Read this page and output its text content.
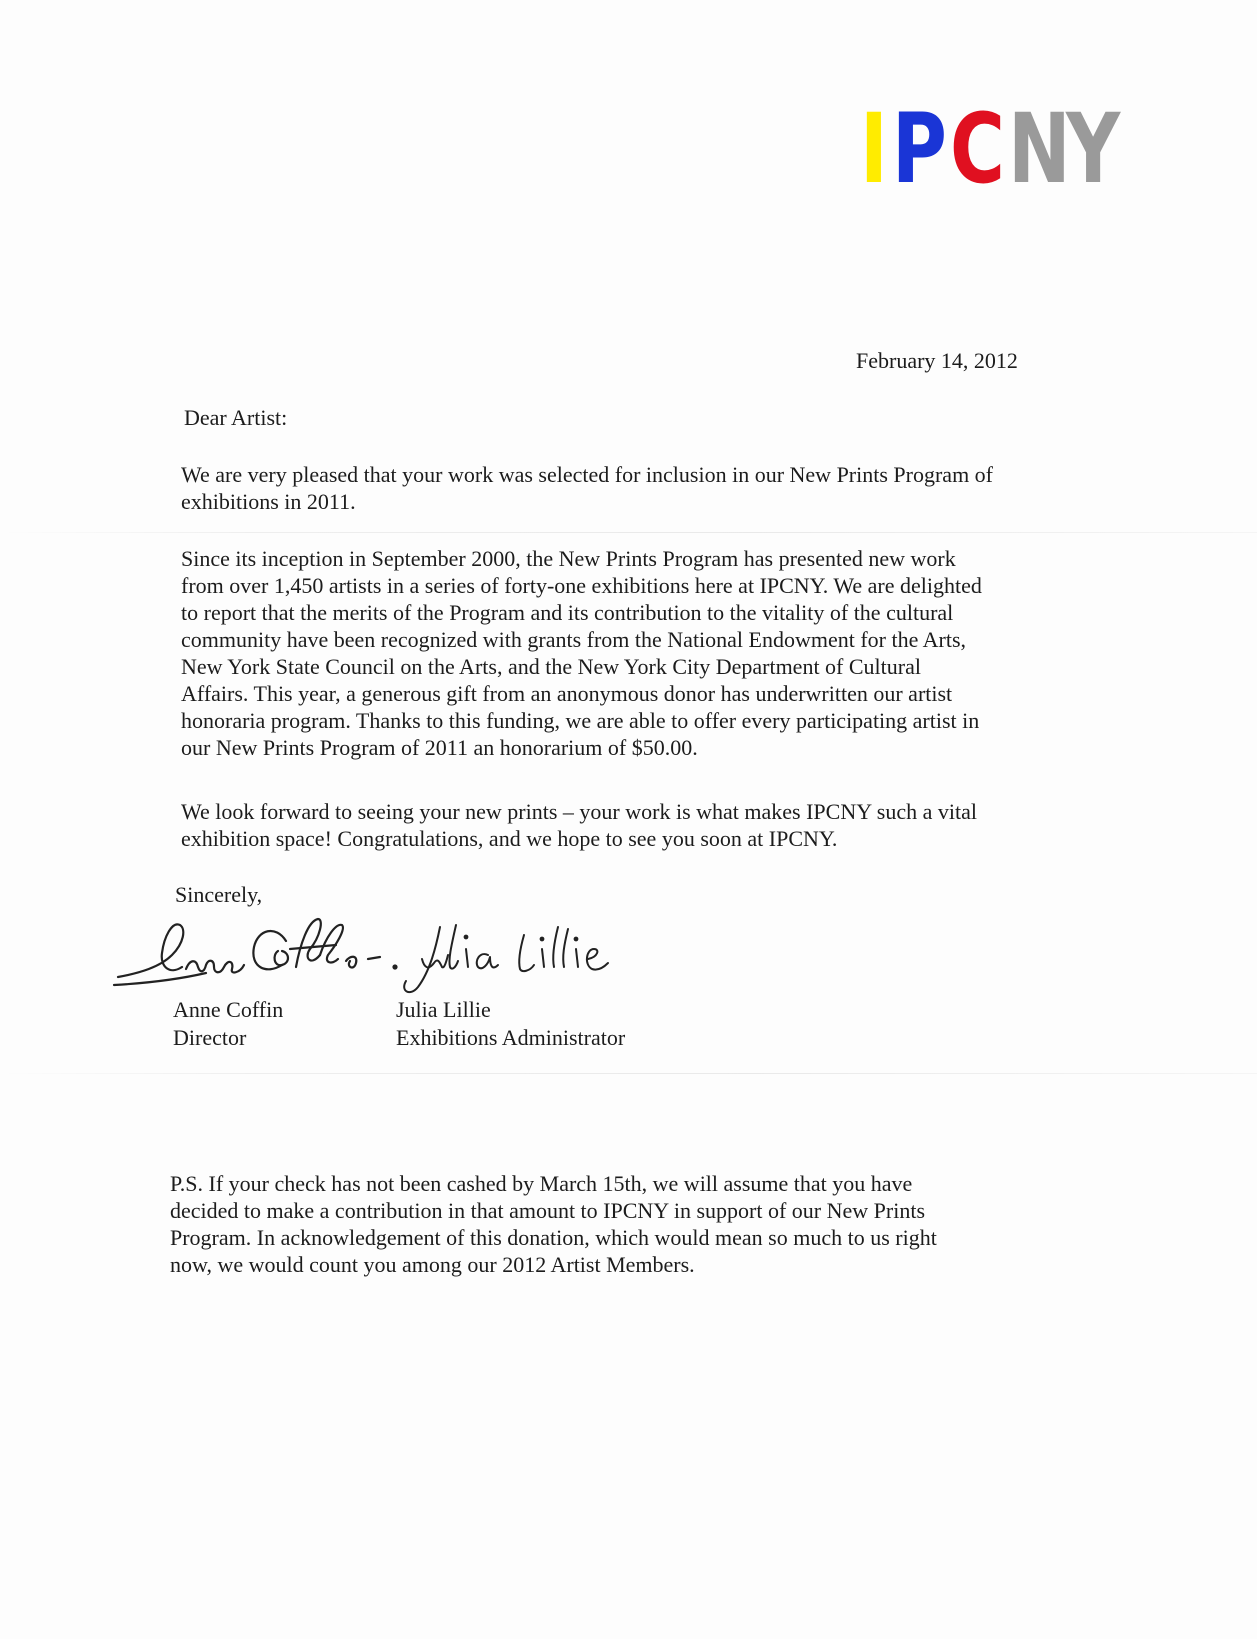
I P C N
Y
February 14, 2012
Dear Artist:
We are very pleased that your work was selected for inclusion in our New Prints Program of
exhibitions in 2011.
Since its inception in September 2000, the New Prints Program has presented new work
from over 1,450 artists in a series of forty-one exhibitions here at IPCNY. We are delighted
to report that the merits of the Program and its contribution to the vitality of the cultural
community have been recognized with grants from the National Endowment for the Arts,
New York State Council on the Arts, and the New York City Department of Cultural
Affairs. This year, a generous gift from an anonymous donor has underwritten our artist
honoraria program. Thanks to this funding, we are able to offer every participating artist in
our New Prints Program of 2011 an honorarium of $50.00.
We look forward to seeing your new prints – your work is what makes IPCNY such a vital
exhibition space! Congratulations, and we hope to see you soon at IPCNY.
Sincerely,
Anne Coffin
Director
Julia Lillie
Exhibitions Administrator
P.S. If your check has not been cashed by March 15th, we will assume that you have
decided to make a contribution in that amount to IPCNY in support of our New Prints
Program. In acknowledgement of this donation, which would mean so much to us right
now, we would count you among our 2012 Artist Members.
